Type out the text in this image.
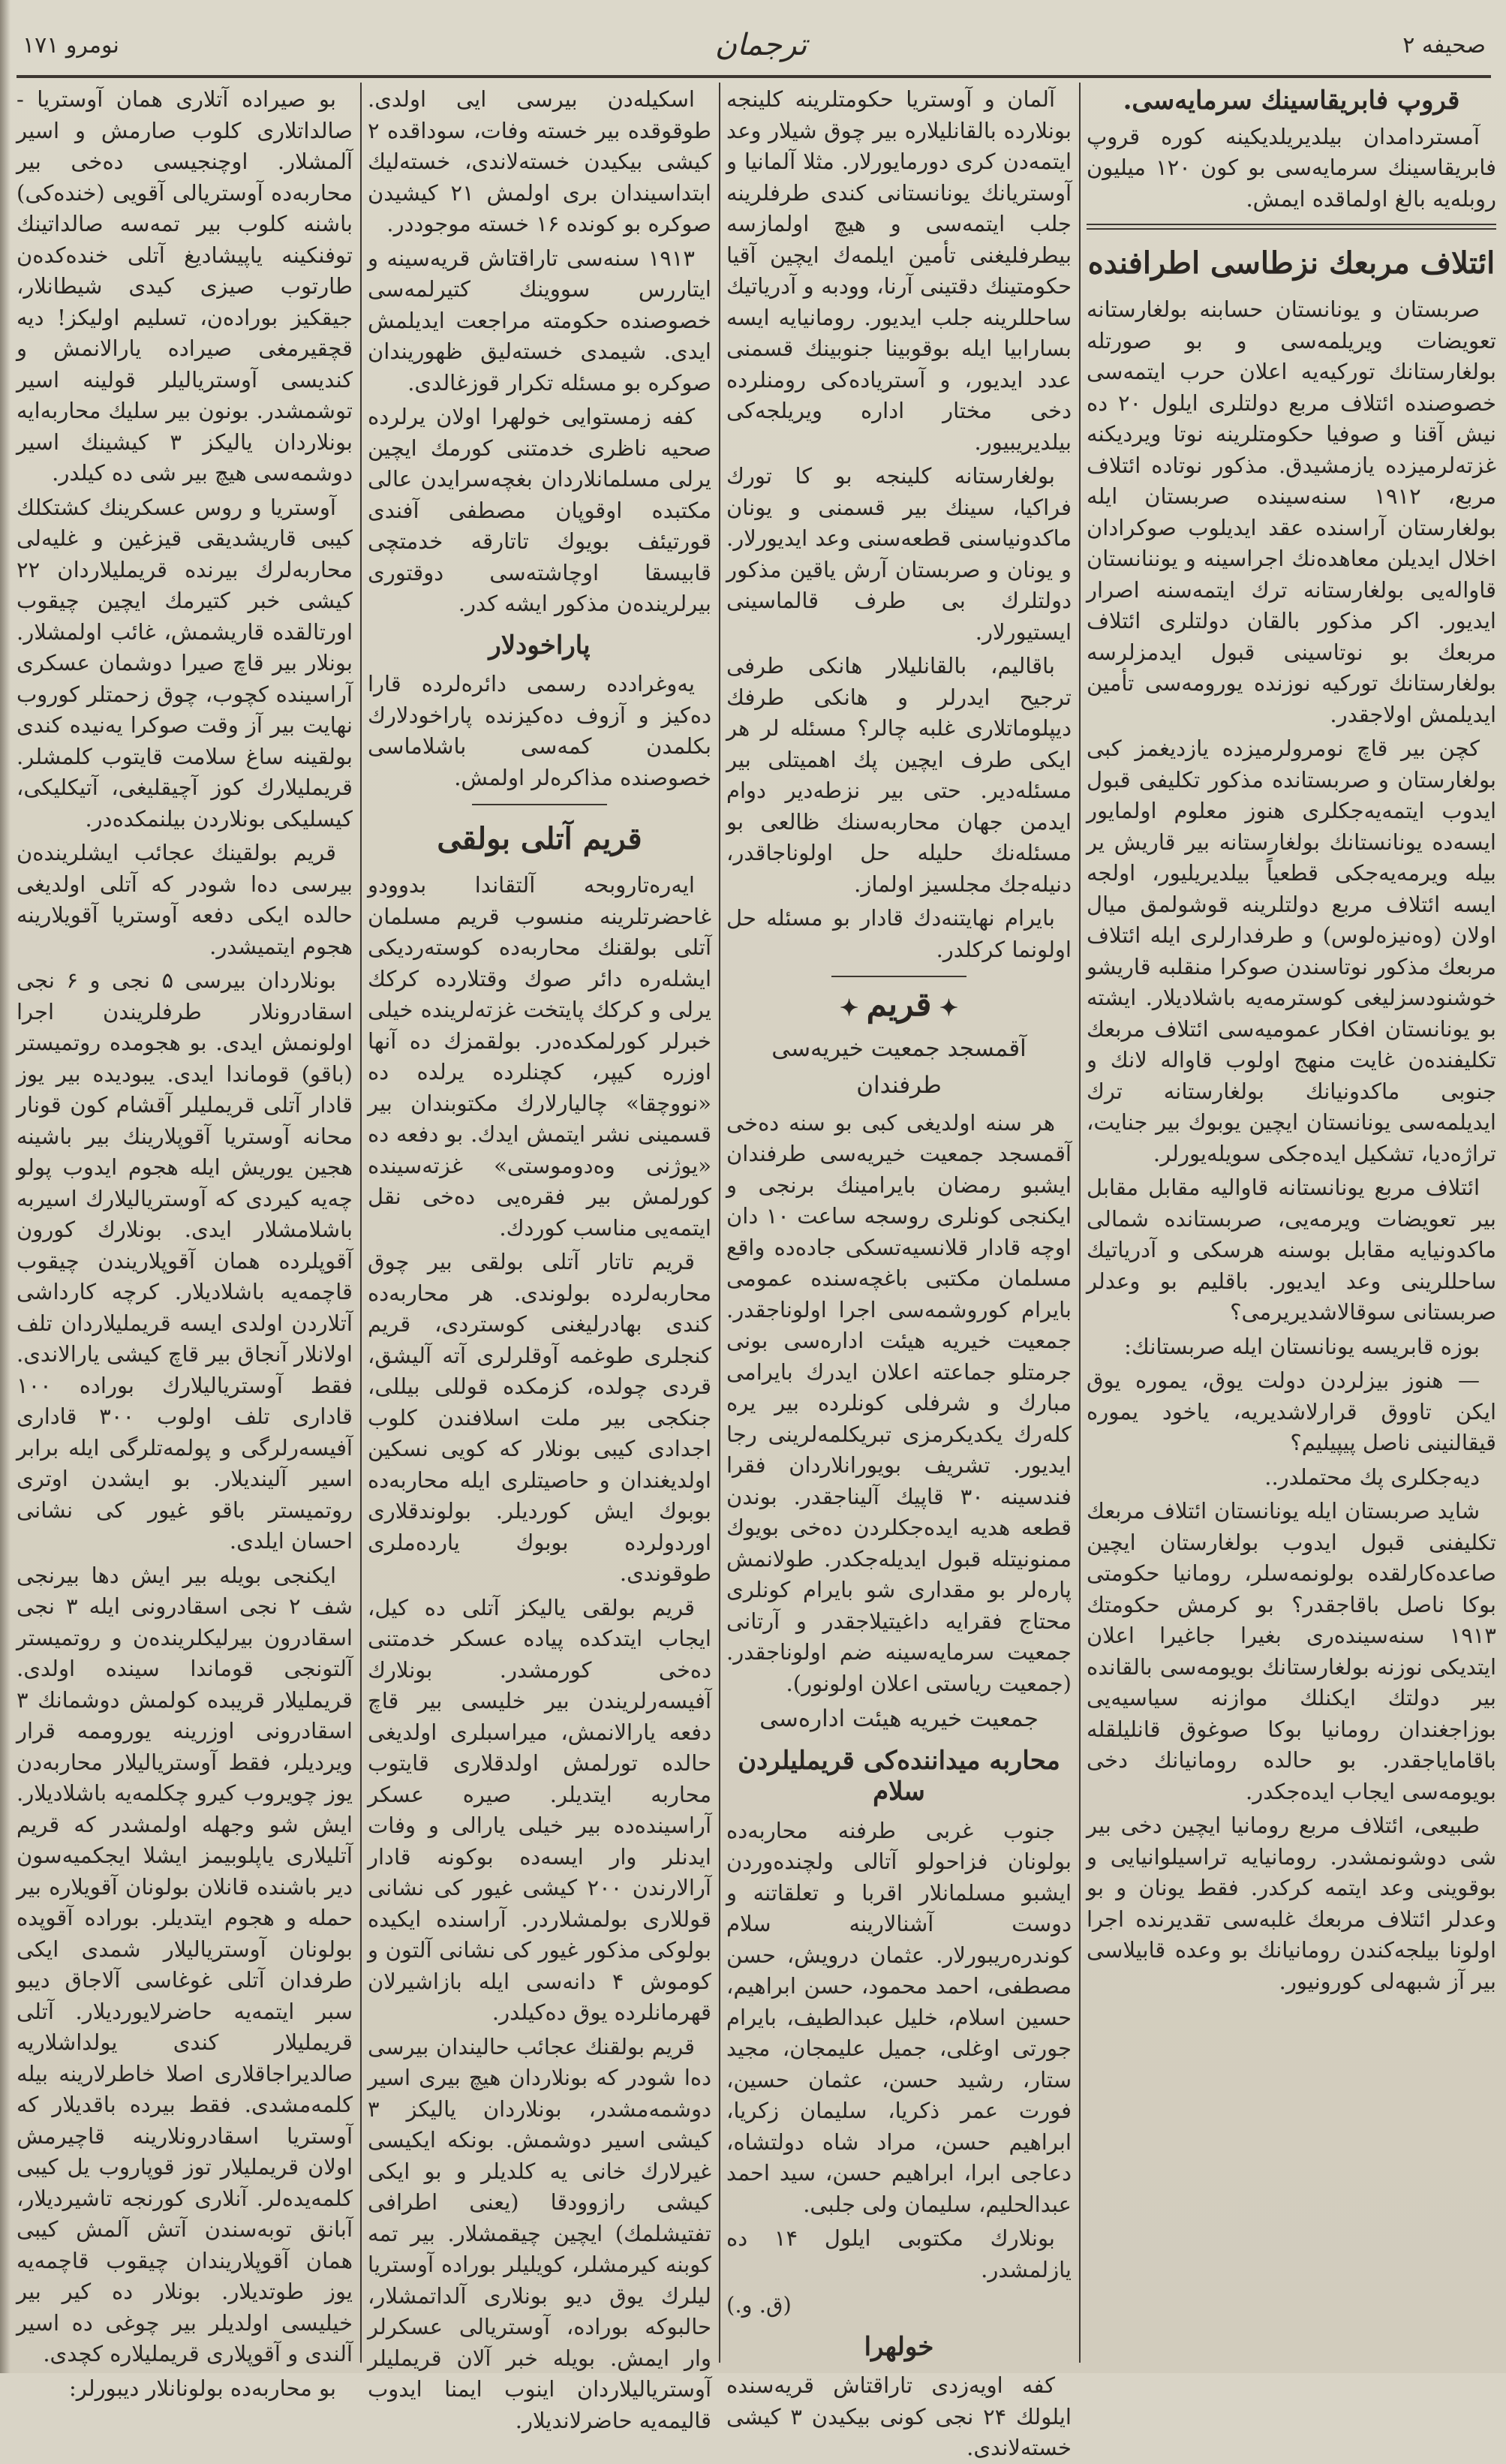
صحیفه ۲
ترجمان
نومرو ۱۷۱
قروپ فابریقاسینك سرمایه‌سی.

آمستردامدان بیلدیریلدیکینه کوره قروپ فابریقاسینك سرمایه‌سی بو کون ۱۲۰ میلیون روبله‌یه بالغ اولماقده ایمش.

ائتلاف مربعك نزطاسی اطرافنده

صربستان و یونانستان حسابنه بولغارستانه تعویضات ویریلمه‌سی و بو صورتله بولغارستانك تورکیه‌یه اعلان حرب ایتمه‌سی خصوصنده ائتلاف مربع دولتلری ایلول ۲۰ ده نیش آقنا و صوفیا حکومتلرینه نوتا ویردیکنه غزته‌لرمیزده یازمشیدق. مذکور نوتاده ائتلاف مربع، ۱۹۱۲ سنه‌سینده صربستان ایله بولغارستان آراسنده عقد ایدیلوب صوکرادان اخلال ایدیلن معاهده‌نك اجراسینه و یوننانستان قاواله‌یی بولغارستانه ترك ایتمه‌سنه اصرار ایدیور. اکر مذکور بالقان دولتلری ائتلاف مربعك بو نوتاسینی قبول ایدمزلرسه بولغارستانك تورکیه نوزنده یورومه‌سی تأمین ایدیلمش اولاجقدر.

کچن بیر قاچ نومرولرمیزده یازدیغمز کبی بولغارستان و صربستانده مذکور تکلیفی قبول ایدوب ایتمه‌یه‌جکلری هنوز معلوم اولمایور ایسه‌ده یونانستانك بولغارستانه بیر قاریش یر بیله ویرمه‌یه‌جکی قطعیاً بیلدیریلیور، اولجه ایسه ائتلاف مربع دولتلرینه قوشولمق میال اولان (وه‌نیزه‌لوس) و طرفدارلری ایله ائتلاف مربعك مذکور نوتاسندن صوکرا منقلبه قاریشو خوشنودسزلیغی کوسترمه‌یه باشلادیلار. ایشته بو یونانستان افکار عمومیه‌سی ائتلاف مربعك تکلیفنده‌ن غایت منهج اولوب قاواله لانك و جنوبی ماکدونیانك بولغارستانه ترك ایدیلمه‌سی یونانستان ایچین یوبوك بیر جنایت، تراژه‌دیا، تشکیل ایده‌جکی سویله‌یورلر.

ائتلاف مربع یونانستانه قاوالیه مقابل مقابل بیر تعویضات ویرمه‌یی، صربستانده شمالی ماکدونیایه مقابل بوسنه هرسکی و آدریاتیك ساحللرینی وعد ایدیور. باقلیم بو وعدلر صربستانی سوقالاشدیریرمی؟

بوزه قابریسه یونانستان ایله صربستانك:

— هنوز بیزلردن دولت یوق، یموره یوق ایکن تاووق قرارلاشدیریه، یاخود یموره قیقالنینی ناصل پیپیلیم؟

دیه‌جکلری پك محتملدر..

شاید صربستان ایله یونانستان ائتلاف مربعك تکلیفنی قبول ایدوب بولغارستان ایچین صاعده‌کارلقده بولونمه‌سلر، رومانیا حکومتی بوکا ناصل باقاجقدر؟ بو کرمش حکومتك ۱۹۱۳ سنه‌سینده‌ری بغیرا جاغیرا اعلان ایتدیکی نوزنه بولغارستانك بویومه‌سی بالقانده بیر دولتك ایکنلك موازنه سیاسیه‌یی بوزاجغندان رومانیا بوکا صوغوق قانلیلقله باقامایاجقدر. بو حالده رومانیانك دخی بویومه‌سی ایجاب ایده‌جکدر.

طبیعی، ائتلاف مربع رومانیا ایچین دخی بیر شی دوشونمشدر. رومانیایه تراسیلوانیایی و بوقوینی وعد ایتمه کرکدر. فقط یونان و بو وعدلر ائتلاف مربعك غلبه‌سی تقدیرنده اجرا اولونا بیلجه‌کندن رومانیانك بو وعده قابیلاسی بیر آز شبهه‌لی کورونیور.

آلمان و آوستریا حکومتلرینه کلینجه بونلارده بالقانلیلاره بیر چوق شیلار وعد ایتمه‌دن کری دورمایورلار. مثلا آلمانیا و آوستریانك یونانستانی کندی طرفلرینه جلب ایتمه‌سی و هیچ اولمازسه بیطرفلیغنی تأمین ایلمه‌ك ایچین آقیا حکومتینك دقتینی آرنا، وودبه و آدریاتیك ساحللرینه جلب ایدیور. رومانیایه ایسه بسارابیا ایله بوقوبینا جنوبینك قسمنی عدد ایدیور، و آستریاده‌کی رومنلرده دخی مختار اداره ویریلجه‌کی بیلدیریبیور.

بولغارستانه کلینجه بو کا تورك فراکیا، سینك بیر قسمنی و یونان ماکدونیاسنی قطعه‌سنی وعد ایدیورلار. و یونان و صربستان آرش یاقین مذکور دولتلرك بی طرف قالماسینی ایستیورلار.

باقالیم، بالقانلیلار هانکی طرفی ترجیح ایدرلر و هانکی طرفك دیپلوماتلاری غلبه چالر؟ مسئله‌ لر هر ایکی طرف ایچین پك اهمیتلی بیر مسئله‌دیر. حتی بیر نزطه‌دیر دوام ایدمن جهان محاربه‌سنك ظالعی بو مسئله‌نك حلیله حل اولوناجاقدر، دنیله‌جك مجلسیز اولماز.

بایرام نهایتنه‌دك قادار بو مسئله حل اولونما کرکلدر.

✦ قریم ✦
آقمسجد جمعیت خیریه‌سی
طرفندان

هر سنه اولدیغی کبی بو سنه ده‌خی آقمسجد جمعیت خیریه‌سی طرفندان ایشبو رمضان بایرامینك برنجی و ایکنجی کونلری روسجه ساعت ۱۰ دان اوچه قادار قلانسیه‌تسکی جاده‌ده واقع مسلمان مکتبی باغچه‌سنده عمومی بایرام کوروشمه‌سی اجرا اولوناجقدر. جمعیت خیریه هیئت اداره‌سی بونی جرمتلو جماعته اعلان ایدرك بایرامی مبارك و شرفلی کونلرده بیر یره کله‌رك یکدیکرمزی تبریکلمه‌لرینی رجا ایدیور. تشریف بویورانلاردان فقرا فندسینه ۳۰ قاپیك آلیناجقدر. بوندن قطعه هدیه ایده‌جکلردن ده‌خی بویوك ممنونیتله قبول ایدیله‌جکدر. طولانمش پاره‌لر بو مقداری شو بایرام کونلری محتاج فقرایه داغیتیلاجقدر و آرتانی جمعیت سرمایه‌سینه ضم اولوناجقدر. (جمعیت ریاستی اعلان اولونور).

جمعیت خیریه هیئت اداره‌سی
محاربه میداننده‌کی قریملیلردن سلام

جنوب غربی طرفنه محاربه‌ده بولونان فزاحولو آتالی ولچنده‌وردن ایشبو مسلمانلار اقربا و تعلقاتنه و دوست آشنالارینه سلام کوندره‌ریبورلار. عثمان درویش، حسن مصطفی، احمد محمود، حسن ابراهیم، حسین اسلام، خلیل عبدالطیف، بایرام جورتی اوغلی، جمیل علیمجان، مجید ستار، رشید حسن، عثمان حسین، فورت عمر ذکریا، سلیمان زکریا، ابراهیم حسن، مراد شاه دولتشاه، دعاجی ابرا، ابراهیم حسن، سید احمد عبدالحلیم، سلیمان ولی جلبی.

بونلارك مکتوبی ایلول ۱۴ ده یازلمشدر.

(ق. و.)
خولهرا

کفه اویه‌زدی تاراقتاش قریه‌سنده ایلولك ۲۴ نجی کونی بیکیدن ۳ کیشی خسته‌لاندی.

اسکیله‌دن بیرسی ایی اولدی. طوقوقده بیر خسته وفات، سوداقده ۲ کیشی بیکیدن خسته‌لاندی، خسته‌لیك ابتداسیندان بری اولمش ۲۱ کیشیدن صوکره بو کونده ۱۶ خسته موجوددر.

۱۹۱۳ سنه‌سی تاراقتاش قریه‌سینه و ایتاررس سووینك کتیرلمه‌سی خصوصنده حکومته مراجعت ایدیلمش ایدی. شیمدی خسته‌لیق ظهوریندان صوکره بو مسئله تکرار قوزغالدی.

کفه زمستوایی خولهرا اولان یرلرده صحیه ناظری خدمتنی کورمك ایچین یرلی مسلمانلاردان بغچه‌سرایدن عالی مکتبده اوقوپان مصطفی آفندی قورتیئف بویوك تاتارقه خدمتچی قابیسقا اوچاشته‌سی دوقتوری بیرلرینده‌ن مذکور ایشه کدر.

پاراخودلار

یه‌وغرادده رسمی دائره‌لرده قارا ده‌کیز و آزوف ده‌کیزنده پاراخودلارك بکلمدن کمه‌سی باشلاماسی خصوصنده مذاکره‌لر اولمش.

قریم آتلی بولقی

ایه‌ره‌تاروبحه آلتقاندا بدوودو غاحضرتلرینه منسوب قریم مسلمان آتلی بولقنك محاربه‌ده کوسته‌ردیکی ایشله‌ره دائر صوك وقتلارده کرکك یرلی و کرکك پایتخت غزته‌لرینده خیلی خبرلر کورلمکده‌در. بولقمزك ده آنها اوزره کیپر، کچنلرده یرلده ده «نووچقا» چالیارلارك مکتوبندان بیر قسمینی نشر ایتمش ایدك. بو دفعه ده «یوژنی وه‌دوموستی» غزته‌سینده کورلمش بیر فقره‌یی ده‌خی نقل ایتمه‌یی مناسب کوردك.

قریم تاتار آتلی بولقی بیر چوق محاربه‌لرده بولوندی. هر محاربه‌ده کندی بهادرلیغنی کوستردی، قریم کنجلری طوغمه آوقلرلری آته آلیشق، قردی چولده، کزمکده قوللی بیللی، جنکجی بیر ملت اسلافندن کلوب اجدادی کیبی بونلار که کویی نسکین اولدیغندان و حاصیتلری ایله محاربه‌ده بوبوك ایش کوردیلر. بولوندقلاری اوردولرده بوبوك یارده‌ملری طوقوندی.

قریم بولقی یالیکز آتلی ده کیل، ایجاب ایتدکده پیاده عسکر خدمتنی ده‌خی کورمشدر. بونلارك آفیسه‌رلریندن بیر خلیسی بیر قاچ دفعه یارالانمش، میراسبلری اولدیغی حالده تورلمش اولدقلاری قایتوب محاربه ایتدیلر. صیره عسکر آراسینده‌ده بیر خیلی یارالی و وفات ایدنلر وار ایسه‌ده بوکونه قادار آرالارندن ۲۰۰ کیشی غیور کی نشانی قوللاری بولمشلاردر. آراسنده ایکیده بولوکی مذکور غیور کی نشانی آلتون و کوموش ۴ دانه‌سی ایله بازاشیرلان قهرمانلرده یوق ده‌کیلدر.

قریم بولقنك عجائب حالیندان بیرسی ده‌ا شو‌در که بونلاردان هیچ بیری اسیر دوشمه‌مشدر، بونلاردان یالیکز ۳ کیشی اسیر دوشمش. بونکه ایکیسی غیرلارك خانی یه کلدیلر و بو ایکی کیشی رازوودقا (یعنی اطرافی تفتیشلمك) ایچین چیقمشلار. بیر تمه کوبنه کیرمشلر، کویلیلر بوراده آوستریا لیلرك یوق دیو بونلاری آلداتمشلار، حالبوکه بوراده، آوستریالی عسکرلر وار ایمش. بویله خبر آلان قریملیلر آوستریالیلاردان اینوب ایمنا ایدوب قالیمه‌یه حاضرلاندیلار.

بو صیراده آتلاری همان آوستریا - صالداتلاری کلوب صارمش و اسیر آلمشلار. اوچنجیسی ده‌خی بیر محاربه‌ده آوستریالی آقویی (خنده‌کی) باشنه کلوب بیر تمه‌سه صالداتینك توفنکینه یاپیشادیغ آتلی خنده‌کده‌ن طارتوب صیزی کیدی شیطانلار، جیقکیز بوراده‌ن، تسلیم اولیکز! دیه قچقیرمغی صیراده یارالانمش و کندیسی آوستریالیلر قولینه اسیر توشمشدر. بونون بیر سلیك محاربه‌ایه بونلاردان یالیکز ۳ کیشینك اسیر دوشمه‌سی هیچ بیر شی ده کیلدر.

آوستریا و روس عسکرینك کشتکلك کیبی قاریشدیقی قیزغین و غلیه‌لی محاربه‌لرك بیرنده قریملیلاردان ۲۲ کیشی خبر کتیرمك ایچین چیقوب اورتالقده قاریشمش، غائب اولمشلار. بونلار بیر قاچ صیرا دوشمان عسکری آراسینده کچوب، چوق زحمتلر کوروب نهایت بیر آز وقت صوکرا یه‌نیده کندی بولقینه ساغ سلامت قایتوب کلمشلر. قریملیلارك کوز آچیقلیغی، آتیکلیکی، کیسلیکی بونلاردن بیلنمکده‌در.

قریم بولقینك عجائب ایشلرینده‌ن بیرسی ده‌ا شودر که آتلی اولدیغی حالده ایکی دفعه آوستریا آقویلارینه هجوم ایتمیشدر.

بونلاردان بیرسی ۵ نجی و ۶ نجی اسقادرونلار طرفلریندن اجرا اولونمش ایدی. بو هجومده روتمیستر (باقو) قوماندا ایدی. یبودیده بیر یوز قادار آتلی قریملیلر آقشام کون قونار محانه آوستریا آقوپلارینك بیر باشینه هجین یوریش ایله هجوم ایدوب پولو چه‌یه کیردی که آوستریالیلارك اسیربه باشلامشلار ایدی. بونلارك کورون آقوپلرده همان آقوپلاریندن چیقوب قاچمه‌یه باشلادیلار. کرچه کارداشی آتلاردن اولدی ایسه قریملیلاردان تلف اولانلار آنجاق بیر قاچ کیشی یارالاندی. فقط آوستریالیلارك بوراده ۱۰۰ قاداری تلف اولوب ۳۰۰ قاداری آفیسه‌رلرگی و پولمه‌تلرگی ایله برابر اسیر آلیندیلار. بو ایشدن اوتری روتمیستر باقو غیور کی نشانی احسان ایلدی.

ایکنجی بویله بیر ایش دها بیرنجی شف ۲ نجی اسقادرونی ایله ۳ نجی اسقادرون بیرلیکلرینده‌ن و روتمیستر آلتونجی قوماندا سینده اولدی. قریملیلار قریبده کولمش دوشمانك ۳ اسقادرونی اوزرینه یوروممه قرار ویردیلر، فقط آوستریالیلار محاربه‌دن یوز چویروب کیرو چکلمه‌یه باشلادیلار. ایش شو وجهله اولمشدر که قریم آتلیلاری یاپلوبیمز ایشلا ایجکمیه‌سون دیر باشنده قانلان بولونان آقویلاره بیر حمله و هجوم ایتدیلر. بوراده آقوپده بولونان آوستریالیلار شمدی ایکی طرفدان آتلی غوغاسی آلاجاق دیبو سبر ایتمه‌یه حاضرلایوردیلار. آتلی قریملیلار کندی یولداشلاریه صالدیراجاقلاری اصلا خاطرلارینه بیله کلمه‌مشدی. فقط بیرده باقدیلار که آوستریا اسقادرونلارینه قاچیرمش اولان قریملیلار توز قوپاروب یل کیبی کلمه‌یده‌لر. آنلاری کورنجه تاشیردیلار، آبانق توبه‌سندن آتش آلمش کیبی همان آقوپلاریندان چیقوب قاچمه‌یه یوز طوتدیلار. بونلار ده کیر بیر خیلیسی اولدیلر بیر چوغی ده اسیر آلندی و آقوپلاری قریملیلاره کچدی.

بو محاربه‌ده بولونانلار دیبورلر:
